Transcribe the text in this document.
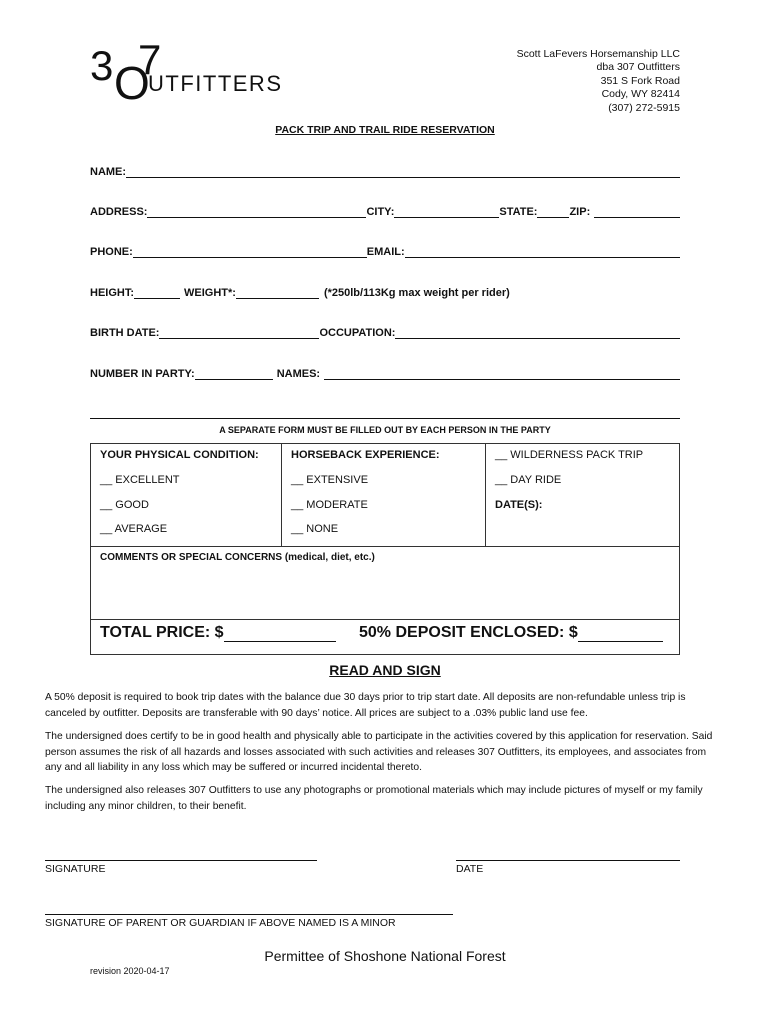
3 7
O
UTFITTERS
Scott LaFevers Horsemanship LLC
dba 307 Outfitters
351 S Fork Road
Cody, WY 82414
(307) 272-5915
PACK TRIP AND TRAIL RIDE RESERVATION
NAME:
ADDRESS:	CITY:	STATE:	ZIP:
PHONE:	EMAIL:
HEIGHT:	WEIGHT*:	(*250lb/113Kg max weight per rider)
BIRTH DATE:	OCCUPATION:
NUMBER IN PARTY:	NAMES:
A SEPARATE FORM MUST BE FILLED OUT BY EACH PERSON IN THE PARTY
YOUR PHYSICAL CONDITION:
__ EXCELLENT
__ GOOD
__ AVERAGE
HORSEBACK EXPERIENCE:
__ EXTENSIVE
__ MODERATE
__ NONE
__ WILDERNESS PACK TRIP
__ DAY RIDE
DATE(S):
COMMENTS OR SPECIAL CONCERNS (medical, diet, etc.)
TOTAL PRICE: $	50% DEPOSIT ENCLOSED: $
READ AND SIGN
A 50% deposit is required to book trip dates with the balance due 30 days prior to trip start date. All deposits are non-refundable unless trip is canceled by outfitter. Deposits are transferable with 90 days’ notice. All prices are subject to a .03% public land use fee.
The undersigned does certify to be in good health and physically able to participate in the activities covered by this application for reservation. Said person assumes the risk of all hazards and losses associated with such activities and releases 307 Outfitters, its employees, and associates from any and all liability in any loss which may be suffered or incurred incidental thereto.
The undersigned also releases 307 Outfitters to use any photographs or promotional materials which may include pictures of myself or my family including any minor children, to their benefit.
SIGNATURE	DATE
SIGNATURE OF PARENT OR GUARDIAN IF ABOVE NAMED IS A MINOR
Permittee of Shoshone National Forest
revision 2020-04-17
